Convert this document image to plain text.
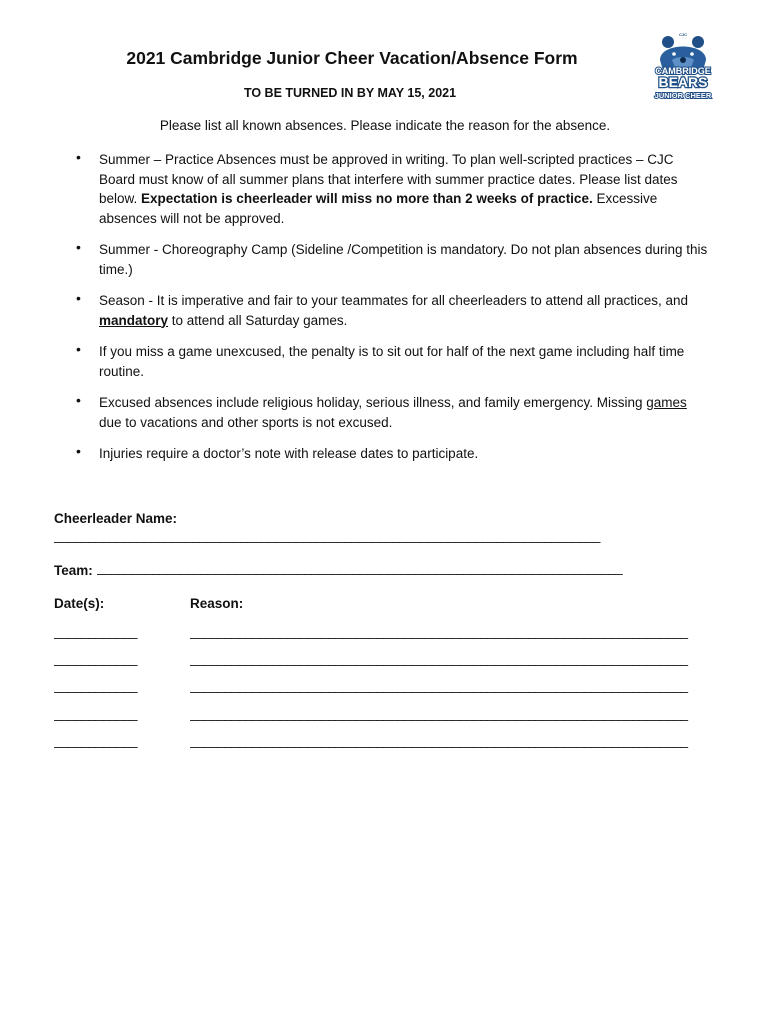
2021 Cambridge Junior Cheer Vacation/Absence Form
TO BE TURNED IN BY MAY 15, 2021
CJC
CAMBRIDGE
BEARS
JUNIOR CHEER
Please list all known absences. Please indicate the reason for the absence.
• Summer – Practice Absences must be approved in writing. To plan well-scripted practices – CJC Board must know of all summer plans that interfere with summer practice dates. Please list dates below. Expectation is cheerleader will miss no more than 2 weeks of practice. Excessive absences will not be approved.
• Summer - Choreography Camp (Sideline /Competition is mandatory. Do not plan absences during this time.)
• Season - It is imperative and fair to your teammates for all cheerleaders to attend all practices, and mandatory to attend all Saturday games.
• If you miss a game unexcused, the penalty is to sit out for half of the next game including half time routine.
• Excused absences include religious holiday, serious illness, and family emergency. Missing games due to vacations and other sports is not excused.
• Injuries require a doctor’s note with release dates to participate.
Cheerleader Name:
_______________________________________________________________________________
Team: ____________________________________________________________________________
Date(s):	Reason:
____________	________________________________________________________________________
____________	________________________________________________________________________
____________	________________________________________________________________________
____________	________________________________________________________________________
____________	________________________________________________________________________
